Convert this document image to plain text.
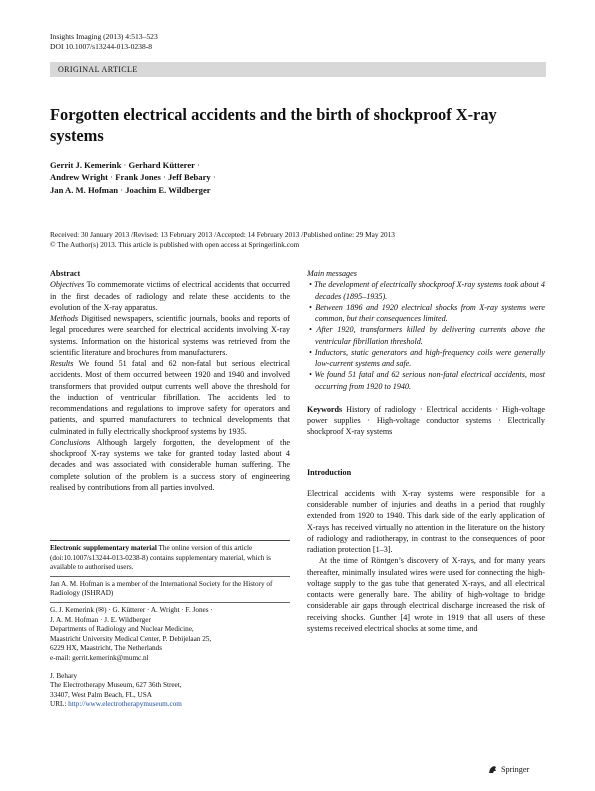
Insights Imaging (2013) 4:513–523
DOI 10.1007/s13244-013-0238-8
ORIGINAL ARTICLE
Forgotten electrical accidents and the birth of shockproof X-ray systems
Gerrit J. Kemerink · Gerhard Kütterer ·
Andrew Wright · Frank Jones · Jeff Bebary ·
Jan A. M. Hofman · Joachim E. Wildberger
Received: 30 January 2013 /Revised: 13 February 2013 /Accepted: 14 February 2013 /Published online: 29 May 2013
© The Author(s) 2013. This article is published with open access at Springerlink.com
Abstract

Objectives To commemorate victims of electrical accidents that occurred in the first decades of radiology and relate these accidents to the evolution of the X-ray apparatus.

Methods Digitised newspapers, scientific journals, books and reports of legal procedures were searched for electrical accidents involving X-ray systems. Information on the historical systems was retrieved from the scientific literature and brochures from manufacturers.

Results We found 51 fatal and 62 non-fatal but serious electrical accidents. Most of them occurred between 1920 and 1940 and involved transformers that provided output currents well above the threshold for the induction of ventricular fibrillation. The accidents led to recommendations and regulations to improve safety for operators and patients, and spurred manufacturers to technical developments that culminated in fully electrically shockproof systems by 1935.

Conclusions Although largely forgotten, the development of the shockproof X-ray systems we take for granted today lasted about 4 decades and was associated with considerable human suffering. The complete solution of the problem is a success story of engineering realised by contributions from all parties involved.

Electronic supplementary material The online version of this article (doi:10.1007/s13244-013-0238-8) contains supplementary material, which is available to authorised users.

Jan A. M. Hofman is a member of the International Society for the History of Radiology (ISHRAD)

G. J. Kemerink (✉) · G. Kütterer · A. Wright · F. Jones ·

J. A. M. Hofman · J. E. Wildberger

Departments of Radiology and Nuclear Medicine,

Maastricht University Medical Center, P. Debijelaan 25,

6229 HX, Maastricht, The Netherlands

e-mail: gerrit.kemerink@mumc.nl

J. Behary

The Electrotherapy Museum, 627 36th Street,

33407, West Palm Beach, FL, USA

URL: http://www.electrotherapymuseum.com

Main messages

• The development of electrically shockproof X-ray systems took about 4 decades (1895–1935).

• Between 1896 and 1920 electrical shocks from X-ray systems were common, but their consequences limited.

• After 1920, transformers killed by delivering currents above the ventricular fibrillation threshold.

• Inductors, static generators and high-frequency coils were generally low-current systems and safe.

• We found 51 fatal and 62 serious non-fatal electrical accidents, most occurring from 1920 to 1940.

Keywords History of radiology · Electrical accidents · High-voltage power supplies · High-voltage conductor systems · Electrically shockproof X-ray systems

Introduction

Electrical accidents with X-ray systems were responsible for a considerable number of injuries and deaths in a period that roughly extended from 1920 to 1940. This dark side of the early application of X-rays has received virtually no attention in the literature on the history of radiology and radiotherapy, in contrast to the consequences of poor radiation protection [1–3].

At the time of Röntgen’s discovery of X-rays, and for many years thereafter, minimally insulated wires were used for connecting the high-voltage supply to the gas tube that generated X-rays, and all electrical contacts were generally bare. The ability of high-voltage to bridge considerable air gaps through electrical discharge increased the risk of receiving shocks. Gunther [4] wrote in 1919 that all users of these systems received electrical shocks at some time, and

Springer
